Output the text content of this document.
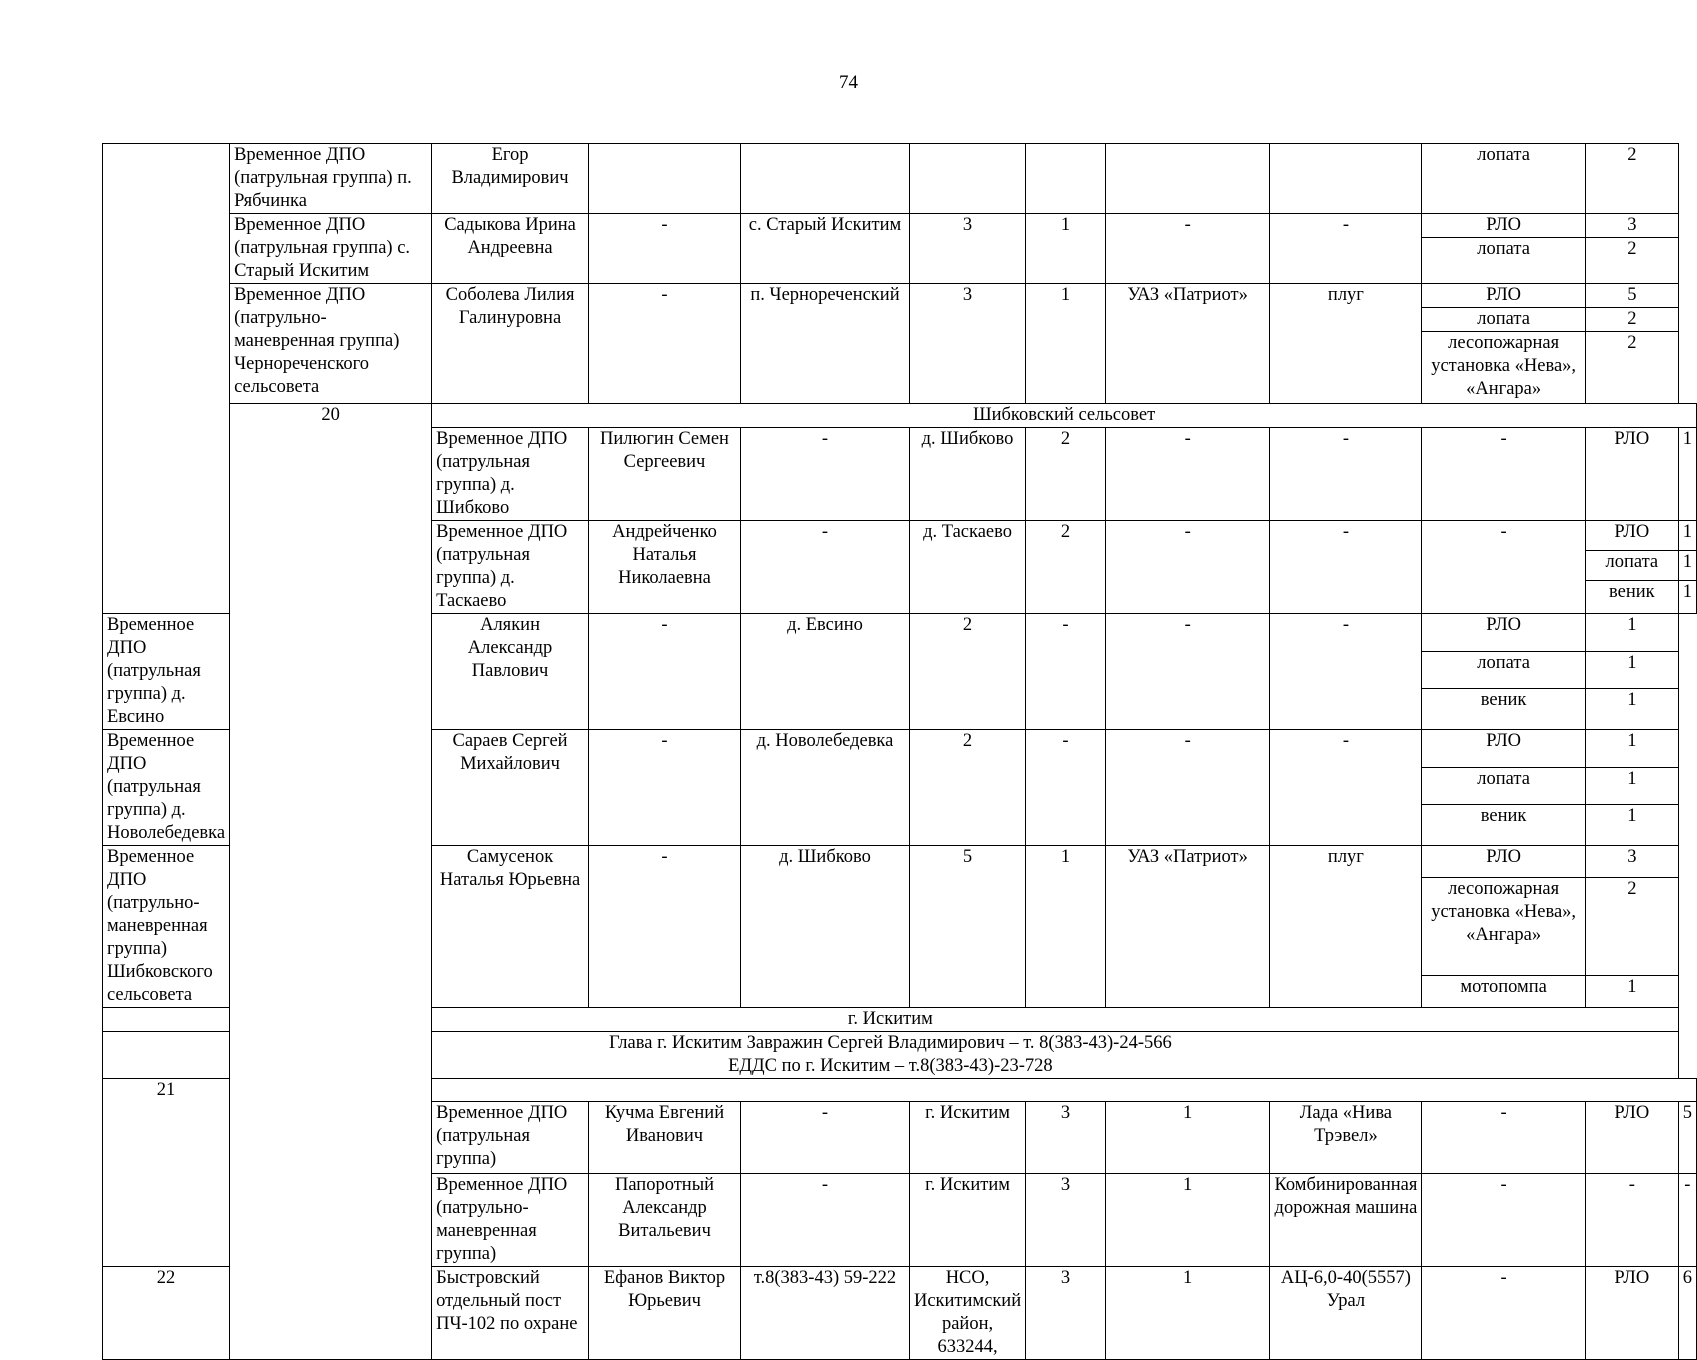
74
	Временное ДПО (патрульная группа) п. Рябчинка	Егор Владимирович							лопата	2	
	Временное ДПО (патрульная группа) с. Старый Искитим	Садыкова Ирина Андреевна	-	с. Старый Искитим	3	1	-	-	РЛО	3	
									лопата	2	
	Временное ДПО (патрульно-маневренная группа) Чернореченского сельсовета	Соболева Лилия Галинуровна	-	п. Чернореченский	3	1	УАЗ «Патриот»	плуг	РЛО	5	
									лопата	2	
									лесопожарная установка «Нева», «Ангара»	2	
	20	Шибковский сельсовет									
		Временное ДПО (патрульная группа) д. Шибково	Пилюгин Семен Сергеевич	-	д. Шибково	2	-	-	-	РЛО	1
		Временное ДПО (патрульная группа) д. Таскаево	Андрейченко Наталья Николаевна	-	д. Таскаево	2	-	-	-	РЛО	1
										лопата	1
										веник	1
Временное ДПО (патрульная группа) д. Евсино		Алякин Александр Павлович	-	д. Евсино	2	-	-	-	РЛО	1	
									лопата	1	
									веник	1	
Временное ДПО (патрульная группа) д. Новолебедевка		Сараев Сергей Михайлович	-	д. Новолебедевка	2	-	-	-	РЛО	1	
									лопата	1	
									веник	1	
Временное ДПО (патрульно-маневренная группа) Шибковского сельсовета		Самусенок Наталья Юрьевна	-	д. Шибково	5	1	УАЗ «Патриот»	плуг	РЛО	3	
									лесопожарная установка «Нева», «Ангара»	2	
									мотопомпа	1	
г. Искитим											

Глава г. Искитим Завражин Сергей Владимирович – т. 8(383-43)-24-566
ЕДДС по г. Искитим – т.8(383-43)-23-728											

21											
		Временное ДПО (патрульная группа)	Кучма Евгений Иванович	-	г. Искитим	3	1	Лада «Нива Трэвел»	-	РЛО	5
		Временное ДПО (патрульно-маневренная группа)	Папоротный Александр Витальевич	-	г. Искитим	3	1	Комбинированная дорожная машина	-	-	-
22		Быстровский отдельный пост ПЧ-102 по охране	Ефанов Виктор Юрьевич	т.8(383-43) 59-222	НСО, Искитимский район, 633244,	3	1	АЦ-6,0-40(5557) Урал	-	РЛО	6
